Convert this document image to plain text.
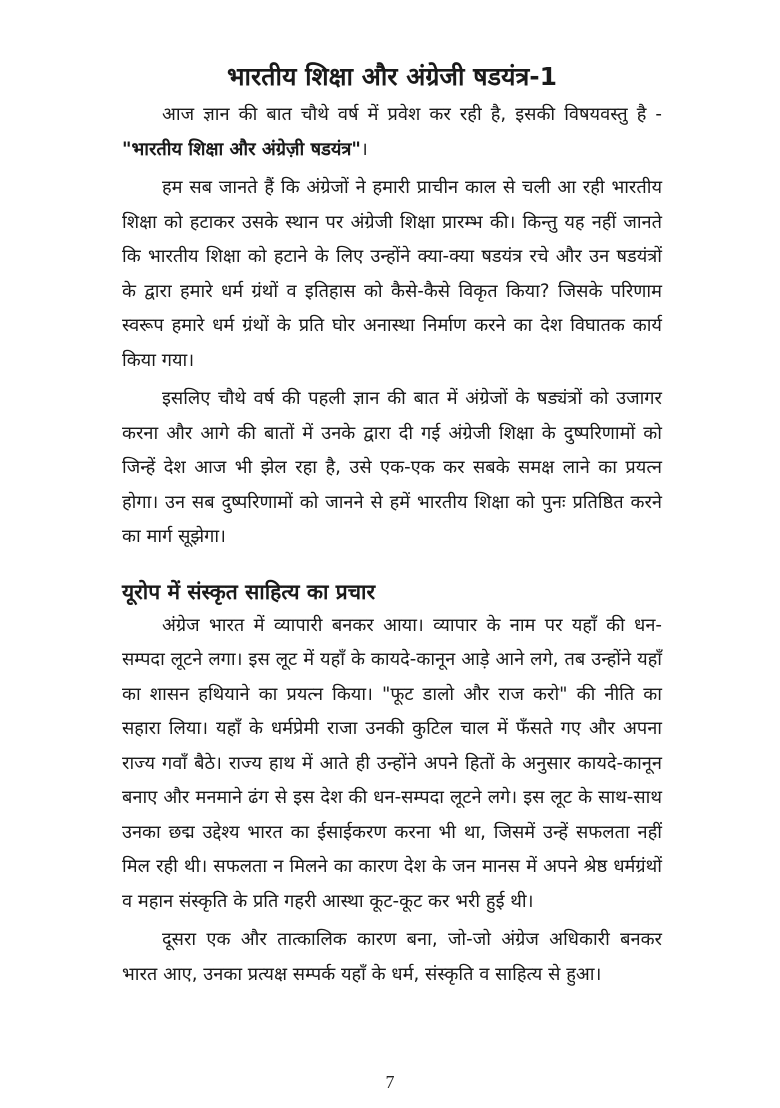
भारतीय शिक्षा और अंग्रेजी षडयंत्र-1

आज ज्ञान की बात चौथे वर्ष में प्रवेश कर रही है, इसकी विषयवस्तु है - "भारतीय शिक्षा और अंग्रेज़ी षडयंत्र"।

हम सब जानते हैं कि अंग्रेजों ने हमारी प्राचीन काल से चली आ रही भारतीय शिक्षा को हटाकर उसके स्थान पर अंग्रेजी शिक्षा प्रारम्भ की। किन्तु यह नहीं जानते कि भारतीय शिक्षा को हटाने के लिए उन्होंने क्या-क्या षडयंत्र रचे और उन षडयंत्रों के द्वारा हमारे धर्म ग्रंथों व इतिहास को कैसे-कैसे विकृत किया? जिसके परिणाम स्वरूप हमारे धर्म ग्रंथों के प्रति घोर अनास्था निर्माण करने का देश विघातक कार्य किया गया।

इसलिए चौथे वर्ष की पहली ज्ञान की बात में अंग्रेजों के षड्यंत्रों को उजागर करना और आगे की बातों में उनके द्वारा दी गई अंग्रेजी शिक्षा के दुष्परिणामों को जिन्हें देश आज भी झेल रहा है, उसे एक-एक कर सबके समक्ष लाने का प्रयत्न होगा। उन सब दुष्परिणामों को जानने से हमें भारतीय शिक्षा को पुनः प्रतिष्ठित करने का मार्ग सूझेगा।

यूरोप में संस्कृत साहित्य का प्रचार

अंग्रेज भारत में व्यापारी बनकर आया। व्यापार के नाम पर यहाँ की धन-सम्पदा लूटने लगा। इस लूट में यहाँ के कायदे-कानून आड़े आने लगे, तब उन्होंने यहाँ का शासन हथियाने का प्रयत्न किया। "फूट डालो और राज करो" की नीति का सहारा लिया। यहाँ के धर्मप्रेमी राजा उनकी कुटिल चाल में फँसते गए और अपना राज्य गवाँ बैठे। राज्य हाथ में आते ही उन्होंने अपने हितों के अनुसार कायदे-कानून बनाए और मनमाने ढंग से इस देश की धन-सम्पदा लूटने लगे। इस लूट के साथ-साथ उनका छद्म उद्देश्य भारत का ईसाईकरण करना भी था, जिसमें उन्हें सफलता नहीं मिल रही थी। सफलता न मिलने का कारण देश के जन मानस में अपने श्रेष्ठ धर्मग्रंथों व महान संस्कृति के प्रति गहरी आस्था कूट-कूट कर भरी हुई थी।

दूसरा एक और तात्कालिक कारण बना, जो-जो अंग्रेज अधिकारी बनकर भारत आए, उनका प्रत्यक्ष सम्पर्क यहाँ के धर्म, संस्कृति व साहित्य से हुआ।

7
